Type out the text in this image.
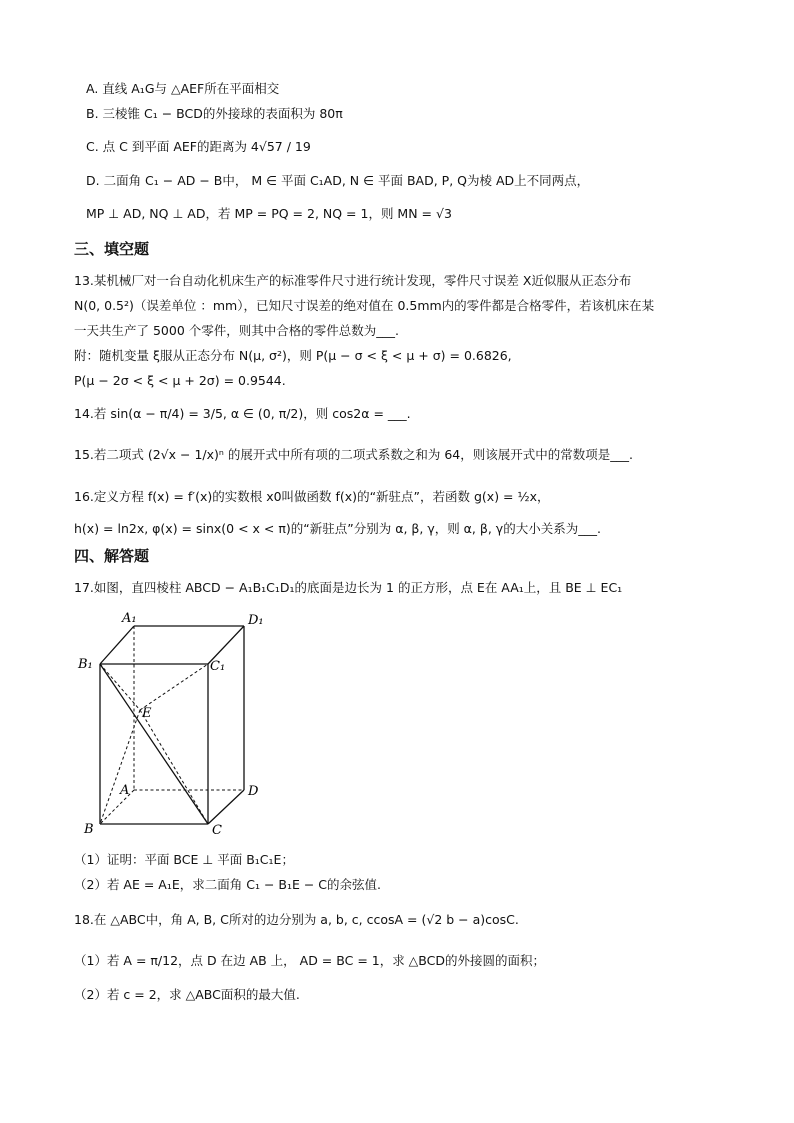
A. 直线 A₁G与 △AEF所在平面相交
B. 三棱锥 C₁ − BCD的外接球的表面积为 80π
C. 点 C 到平面 AEF的距离为 4√57 / 19
D. 二面角 C₁ − AD − B中， M ∈ 平面 C₁AD, N ∈ 平面 BAD, P, Q为棱 AD上不同两点，
MP ⊥ AD, NQ ⊥ AD，若 MP = PQ = 2, NQ = 1，则 MN = √3
三、填空题
13.某机械厂对一台自动化机床生产的标准零件尺寸进行统计发现，零件尺寸误差 X近似服从正态分布
N(0, 0.5²)（误差单位 ：mm），已知尺寸误差的绝对值在 0.5mm内的零件都是合格零件，若该机床在某
一天共生产了 5000 个零件，则其中合格的零件总数为___.
附：随机变量 ξ服从正态分布 N(μ, σ²)，则 P(μ − σ < ξ < μ + σ) = 0.6826,
P(μ − 2σ < ξ < μ + 2σ) = 0.9544.
14.若 sin(α − π/4) = 3/5, α ∈ (0, π/2)，则 cos2α = ___.
15.若二项式 (2√x − 1/x)ⁿ 的展开式中所有项的二项式系数之和为 64，则该展开式中的常数项是___.
16.定义方程 f(x) = f′(x)的实数根 x0叫做函数 f(x)的“新驻点”，若函数 g(x) = ½x，
h(x) = ln2x, φ(x) = sinx(0 < x < π)的“新驻点”分别为 α, β, γ，则 α, β, γ的大小关系为___.
四、解答题
17.如图，直四棱柱 ABCD − A₁B₁C₁D₁的底面是边长为 1 的正方形，点 E在 AA₁上，且 BE ⊥ EC₁
A₁	D₁
B₁	C₁
E
A	D
B	C
（1）证明：平面 BCE ⊥ 平面 B₁C₁E；
（2）若 AE = A₁E，求二面角 C₁ − B₁E − C的余弦值.
18.在 △ABC中，角 A, B, C所对的边分别为 a, b, c, ccosA = (√2 b − a)cosC.
（1）若 A = π/12，点 D 在边 AB 上， AD = BC = 1，求 △BCD的外接圆的面积；
（2）若 c = 2，求 △ABC面积的最大值.
